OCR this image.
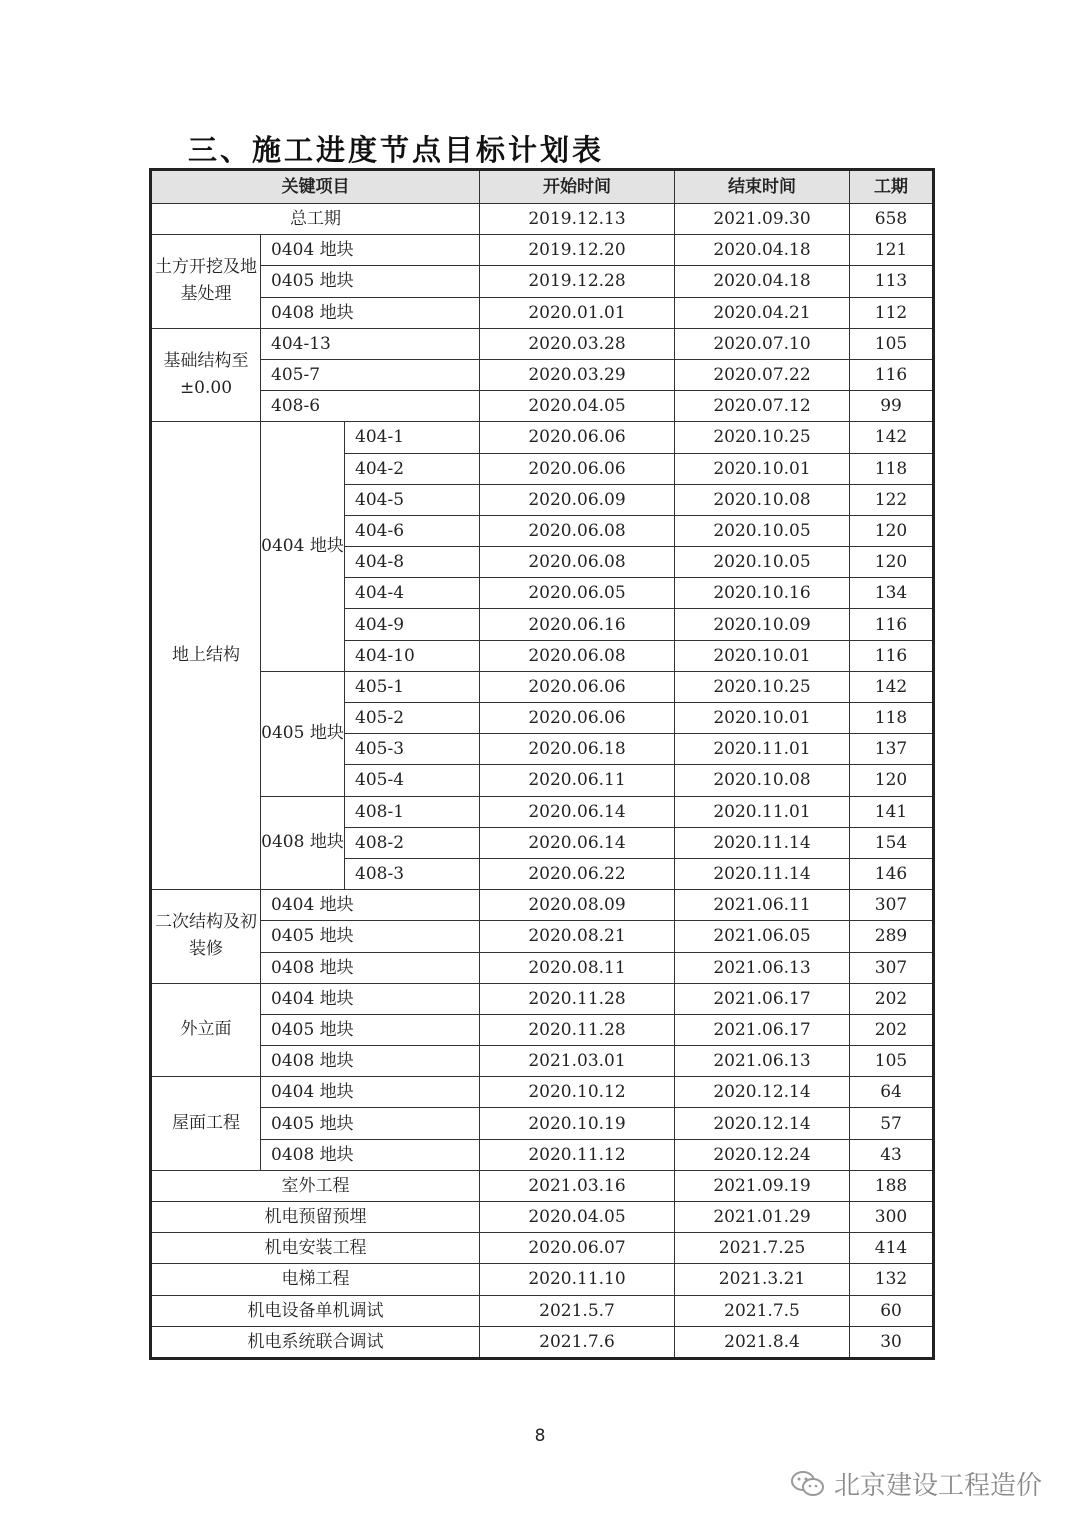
三、施工进度节点目标计划表
关键项目			开始时间	结束时间	工期
总工期			2019.12.13	2021.09.30	658
土方开挖及地基处理	0404 地块		2019.12.20	2020.04.18	121
	0405 地块		2019.12.28	2020.04.18	113
	0408 地块		2020.01.01	2020.04.21	112
基础结构至±0.00	404-13		2020.03.28	2020.07.10	105
	405-7		2020.03.29	2020.07.22	116
	408-6		2020.04.05	2020.07.12	99
地上结构	0404 地块	404-1	2020.06.06	2020.10.25	142
		404-2	2020.06.06	2020.10.01	118
		404-5	2020.06.09	2020.10.08	122
		404-6	2020.06.08	2020.10.05	120
		404-8	2020.06.08	2020.10.05	120
		404-4	2020.06.05	2020.10.16	134
		404-9	2020.06.16	2020.10.09	116
		404-10	2020.06.08	2020.10.01	116
	0405 地块	405-1	2020.06.06	2020.10.25	142
		405-2	2020.06.06	2020.10.01	118
		405-3	2020.06.18	2020.11.01	137
		405-4	2020.06.11	2020.10.08	120
	0408 地块	408-1	2020.06.14	2020.11.01	141
		408-2	2020.06.14	2020.11.14	154
		408-3	2020.06.22	2020.11.14	146
二次结构及初装修	0404 地块		2020.08.09	2021.06.11	307
	0405 地块		2020.08.21	2021.06.05	289
	0408 地块		2020.08.11	2021.06.13	307
外立面	0404 地块		2020.11.28	2021.06.17	202
	0405 地块		2020.11.28	2021.06.17	202
	0408 地块		2021.03.01	2021.06.13	105
屋面工程	0404 地块		2020.10.12	2020.12.14	64
	0405 地块		2020.10.19	2020.12.14	57
	0408 地块		2020.11.12	2020.12.24	43
室外工程			2021.03.16	2021.09.19	188
机电预留预埋			2020.04.05	2021.01.29	300
机电安装工程			2020.06.07	2021.7.25	414
电梯工程			2020.11.10	2021.3.21	132
机电设备单机调试			2021.5.7	2021.7.5	60
机电系统联合调试			2021.7.6	2021.8.4	30
8
北京建设工程造价
